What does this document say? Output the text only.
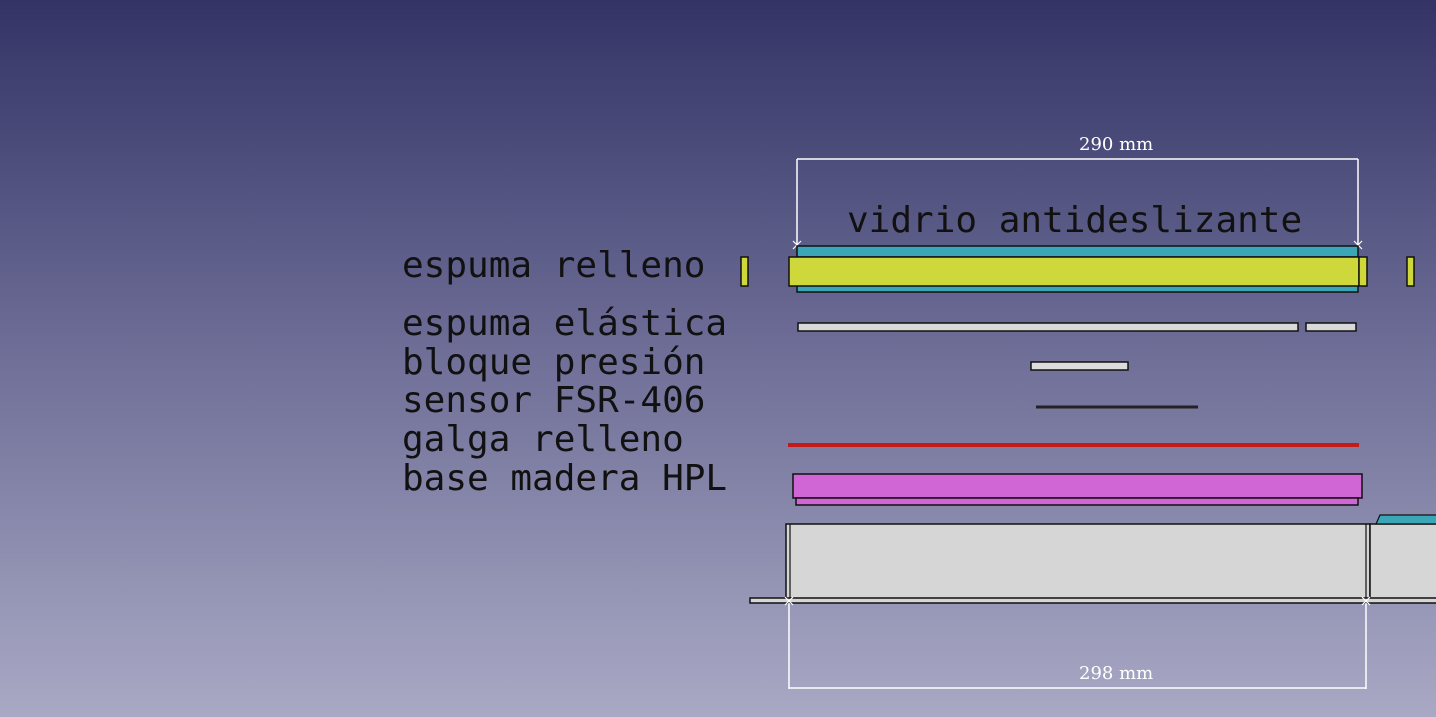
290 mm
298 mm
vidrio antideslizante
espuma relleno
espuma elástica
bloque presión
sensor FSR-406
galga relleno
base madera HPL
